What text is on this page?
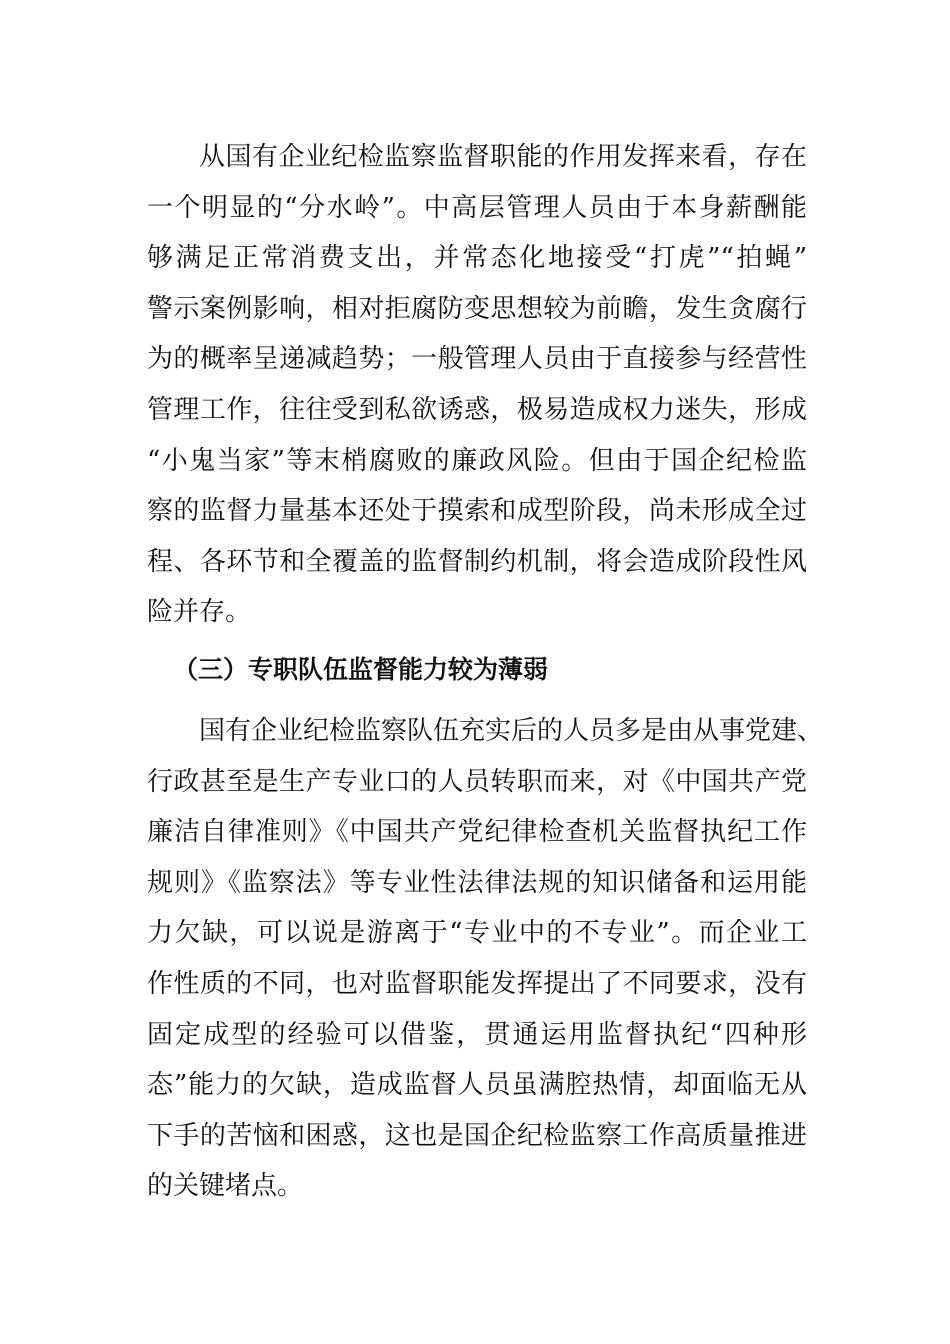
从国有企业纪检监察监督职能的作用发挥来看，存在
一个明显的“分水岭”。中高层管理人员由于本身薪酬能
够满足正常消费支出，并常态化地接受“打虎”“拍蝇”
警示案例影响，相对拒腐防变思想较为前瞻，发生贪腐行
为的概率呈递减趋势；一般管理人员由于直接参与经营性
管理工作，往往受到私欲诱惑，极易造成权力迷失，形成
“小鬼当家”等末梢腐败的廉政风险。但由于国企纪检监
察的监督力量基本还处于摸索和成型阶段，尚未形成全过
程、各环节和全覆盖的监督制约机制，将会造成阶段性风
险并存。
（三）专职队伍监督能力较为薄弱
国有企业纪检监察队伍充实后的人员多是由从事党建、
行政甚至是生产专业口的人员转职而来，对《中国共产党
廉洁自律准则》《中国共产党纪律检查机关监督执纪工作
规则》《监察法》等专业性法律法规的知识储备和运用能
力欠缺，可以说是游离于“专业中的不专业”。而企业工
作性质的不同，也对监督职能发挥提出了不同要求，没有
固定成型的经验可以借鉴，贯通运用监督执纪“四种形
态”能力的欠缺，造成监督人员虽满腔热情，却面临无从
下手的苦恼和困惑，这也是国企纪检监察工作高质量推进
的关键堵点。
